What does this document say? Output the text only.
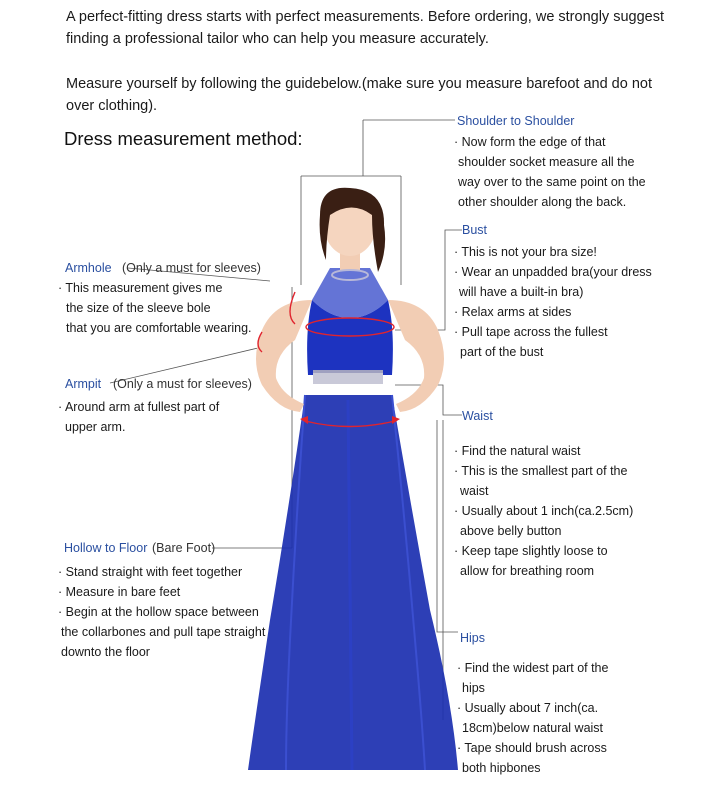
A perfect-fitting dress starts with perfect measurements. Before ordering, we strongly suggest
finding a professional tailor who can help you measure accurately.
Measure yourself by following the guidebelow.(make sure you measure barefoot and do not
over clothing).
Dress measurement method:
Shoulder to Shoulder
· Now form the edge of that
shoulder socket measure all the
way over to the same point on the
other shoulder along the back.
Bust
· This is not your bra size!
· Wear an unpadded bra(your dress
will have a built-in bra)
· Relax arms at sides
· Pull tape across the fullest
part of the bust
Armhole (Only a must for sleeves)
· This measurement gives me
the size of the sleeve bole
that you are comfortable wearing.
Armpit (Only a must for sleeves)
· Around arm at fullest part of
upper arm.
Waist
· Find the natural waist
· This is the smallest part of the
waist
· Usually about 1 inch(ca.2.5cm)
above belly button
· Keep tape slightly loose to
allow for breathing room
Hollow to Floor (Bare Foot)
· Stand straight with feet together
· Measure in bare feet
· Begin at the hollow space between
the collarbones and pull tape straight
downto the floor
Hips
· Find the widest part of the
hips
· Usually about 7 inch(ca.
18cm)below natural waist
· Tape should brush across
both hipbones
